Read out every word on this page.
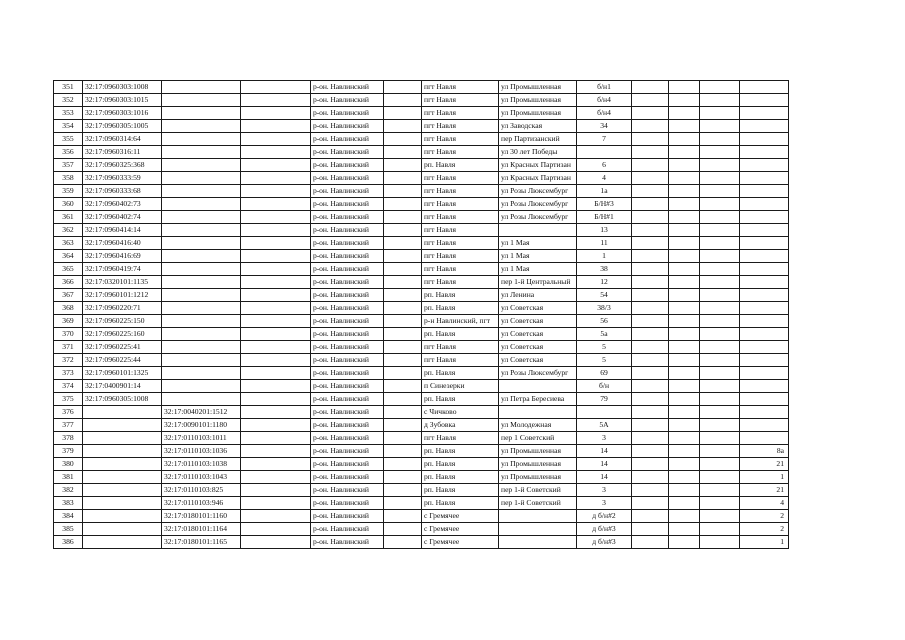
351	32:17:0960303:1008			р-он. Навлинский		пгт Навля	ул Промышленная	б/н1				
352	32:17:0960303:1015			р-он. Навлинский		пгт Навля	ул Промышленная	б/н4				
353	32:17:0960303:1016			р-он. Навлинский		пгт Навля	ул Промышленная	б/н4				
354	32:17:0960305:1005			р-он. Навлинский		пгт Навля	ул Заводская	34				
355	32:17:0960314:64			р-он. Навлинский		пгт Навля	пер Партизанский	7				
356	32:17:0960316:11			р-он. Навлинский		пгт Навля	ул 30 лет Победы					
357	32:17:0960325:368			р-он. Навлинский		рп. Навля	ул Красных Партизан	6				
358	32:17:0960333:59			р-он. Навлинский		пгт Навля	ул Красных Партизан	4				
359	32:17:0960333:68			р-он. Навлинский		пгт Навля	ул Розы Люксембург	1а				
360	32:17:0960402:73			р-он. Навлинский		пгт Навля	ул Розы Люксембург	Б/Н#3				
361	32:17:0960402:74			р-он. Навлинский		пгт Навля	ул Розы Люксембург	Б/Н#1				
362	32:17:0960414:14			р-он. Навлинский		пгт Навля		13				
363	32:17:0960416:40			р-он. Навлинский		пгт Навля	ул 1 Мая	11				
364	32:17:0960416:69			р-он. Навлинский		пгт Навля	ул 1 Мая	1				
365	32:17:0960419:74			р-он. Навлинский		пгт Навля	ул 1 Мая	38				
366	32:17:0320101:1135			р-он. Навлинский		пгт Навля	пер 1-й Центральный	12				
367	32:17:0960101:1212			р-он. Навлинский		рп. Навля	ул Ленина	54				
368	32:17:0960220:71			р-он. Навлинский		рп. Навля	ул Советская	38/3				
369	32:17:0960225:150			р-он. Навлинский		р-н Навлинский, пгт	ул Советская	56				
370	32:17:0960225:160			р-он. Навлинский		рп. Навля	ул Советская	5а				
371	32:17:0960225:41			р-он. Навлинский		пгт Навля	ул Советская	5				
372	32:17:0960225:44			р-он. Навлинский		пгт Навля	ул Советская	5				
373	32:17:0960101:1325			р-он. Навлинский		рп. Навля	ул Розы Люксембург	69				
374	32:17:0400901:14			р-он. Навлинский		п Синезерки		б/н				
375	32:17:0960305:1008			р-он. Навлинский		рп. Навля	ул Петра Бересиева	79				
376		32:17:0040201:1512		р-он. Навлинский		с Чичково						
377		32:17:0090101:1180		р-он. Навлинский		д Зубовка	ул Молодежная	5А				
378		32:17:0110103:1011		р-он. Навлинский		пгт Навля	пер 1 Советский	3				
379		32:17:0110103:1036		р-он. Навлинский		рп. Навля	ул Промышленная	14				8а
380		32:17:0110103:1038		р-он. Навлинский		рп. Навля	ул Промышленная	14				21
381		32:17:0110103:1043		р-он. Навлинский		рп. Навля	ул Промышленная	14				1
382		32:17:0110103:825		р-он. Навлинский		рп. Навля	пер 1-й Советский	3				21
383		32:17:0110103:946		р-он. Навлинский		рп. Навля	пер 1-й Советский	3				4
384		32:17:0180101:1160		р-он. Навлинский		с Гремячее		д б/н#2				2
385		32:17:0180101:1164		р-он. Навлинский		с Гремячее		д б/н#3				2
386		32:17:0180101:1165		р-он. Навлинский		с Гремячее		д б/н#3				1
